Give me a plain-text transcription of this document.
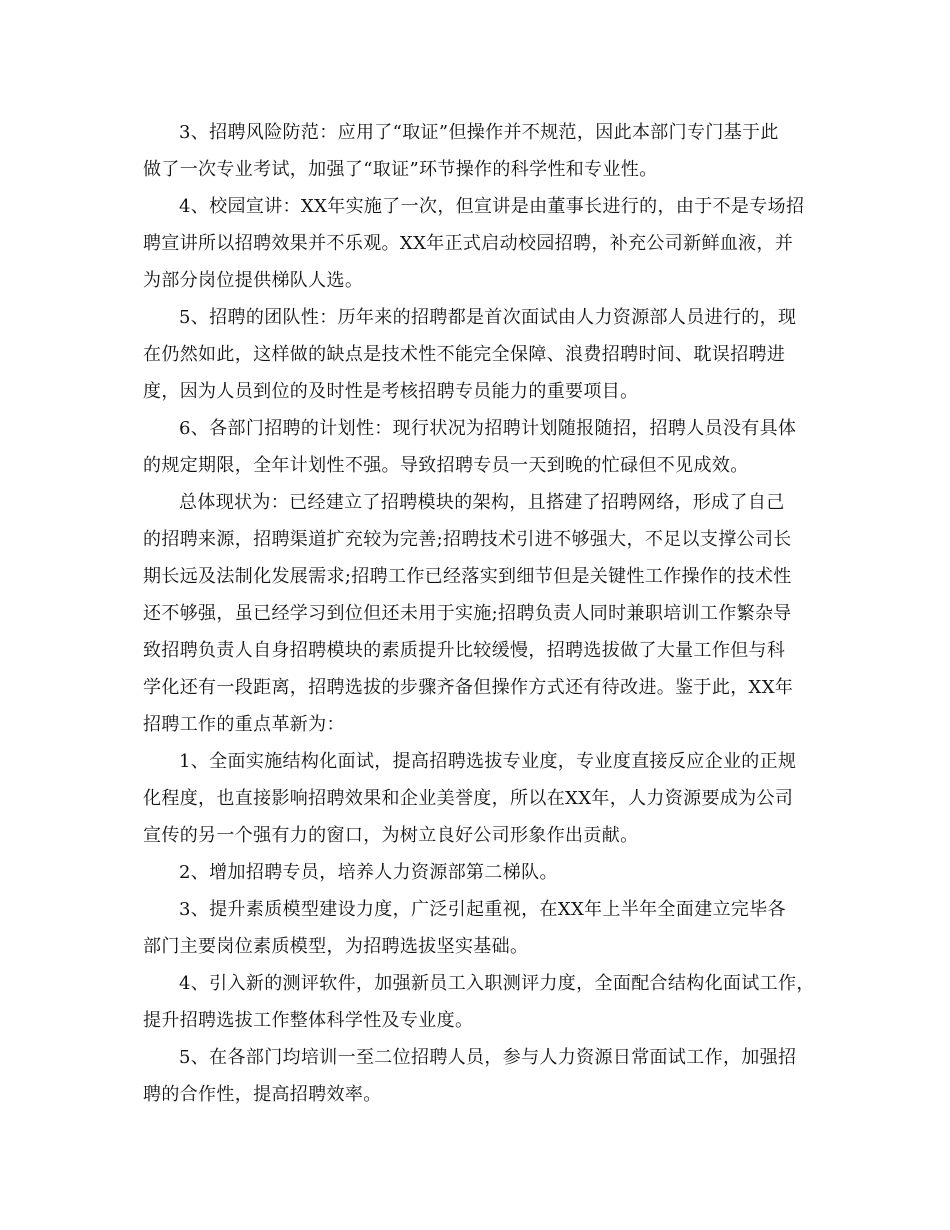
3、招聘风险防范：应用了“取证”但操作并不规范，因此本部门专门基于此
做了一次专业考试，加强了“取证”环节操作的科学性和专业性。
4、校园宣讲：XX年实施了一次，但宣讲是由董事长进行的，由于不是专场招
聘宣讲所以招聘效果并不乐观。XX年正式启动校园招聘，补充公司新鲜血液，并
为部分岗位提供梯队人选。
5、招聘的团队性：历年来的招聘都是首次面试由人力资源部人员进行的，现
在仍然如此，这样做的缺点是技术性不能完全保障、浪费招聘时间、耽误招聘进
度，因为人员到位的及时性是考核招聘专员能力的重要项目。
6、各部门招聘的计划性：现行状况为招聘计划随报随招，招聘人员没有具体
的规定期限，全年计划性不强。导致招聘专员一天到晚的忙碌但不见成效。
总体现状为：已经建立了招聘模块的架构，且搭建了招聘网络，形成了自己
的招聘来源，招聘渠道扩充较为完善;招聘技术引进不够强大，不足以支撑公司长
期长远及法制化发展需求;招聘工作已经落实到细节但是关键性工作操作的技术性
还不够强，虽已经学习到位但还未用于实施;招聘负责人同时兼职培训工作繁杂导
致招聘负责人自身招聘模块的素质提升比较缓慢，招聘选拔做了大量工作但与科
学化还有一段距离，招聘选拔的步骤齐备但操作方式还有待改进。鉴于此，XX年
招聘工作的重点革新为：
1、全面实施结构化面试，提高招聘选拔专业度，专业度直接反应企业的正规
化程度，也直接影响招聘效果和企业美誉度，所以在XX年，人力资源要成为公司
宣传的另一个强有力的窗口，为树立良好公司形象作出贡献。
2、增加招聘专员，培养人力资源部第二梯队。
3、提升素质模型建设力度，广泛引起重视，在XX年上半年全面建立完毕各
部门主要岗位素质模型，为招聘选拔坚实基础。
4、引入新的测评软件，加强新员工入职测评力度，全面配合结构化面试工作，
提升招聘选拔工作整体科学性及专业度。
5、在各部门均培训一至二位招聘人员，参与人力资源日常面试工作，加强招
聘的合作性，提高招聘效率。
